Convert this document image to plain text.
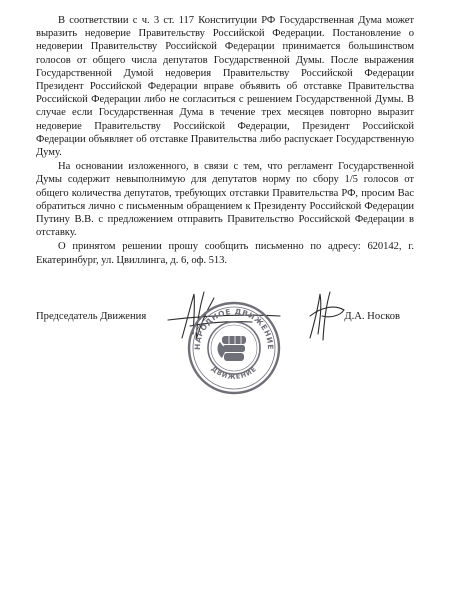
В соответствии с ч. 3 ст. 117 Конституции РФ Государственная Дума может выразить недоверие Правительству Российской Федерации. Постановление о недоверии Правительству Российской Федерации принимается большинством голосов от общего числа депутатов Государственной Думы. После выражения Государственной Думой недоверия Правительству Российской Федерации Президент Российской Федерации вправе объявить об отставке Правительства Российской Федерации либо не согласиться с решением Государственной Думы. В случае если Государственная Дума в течение трех месяцев повторно выразит недоверие Правительству Российской Федерации, Президент Российской Федерации объявляет об отставке Правительства либо распускает Государственную Думу.

На основании изложенного, в связи с тем, что регламент Государственной Думы содержит невыполнимую для депутатов норму по сбору 1/5 голосов от общего количества депутатов, требующих отставки Правительства РФ, просим Вас обратиться лично с письменным обращением к Президенту Российской Федерации Путину В.В. с предложением отправить Правительство Российской Федерации в отставку.

О принятом решении прошу сообщить письменно по адресу: 620142, г. Екатеринбург, ул. Цвиллинга, д. 6, оф. 513.

НАРОДНОЕ ДВИЖЕНИЕ
ДВИЖЕНИЕ
Председатель Движения	Д.А. Носков
